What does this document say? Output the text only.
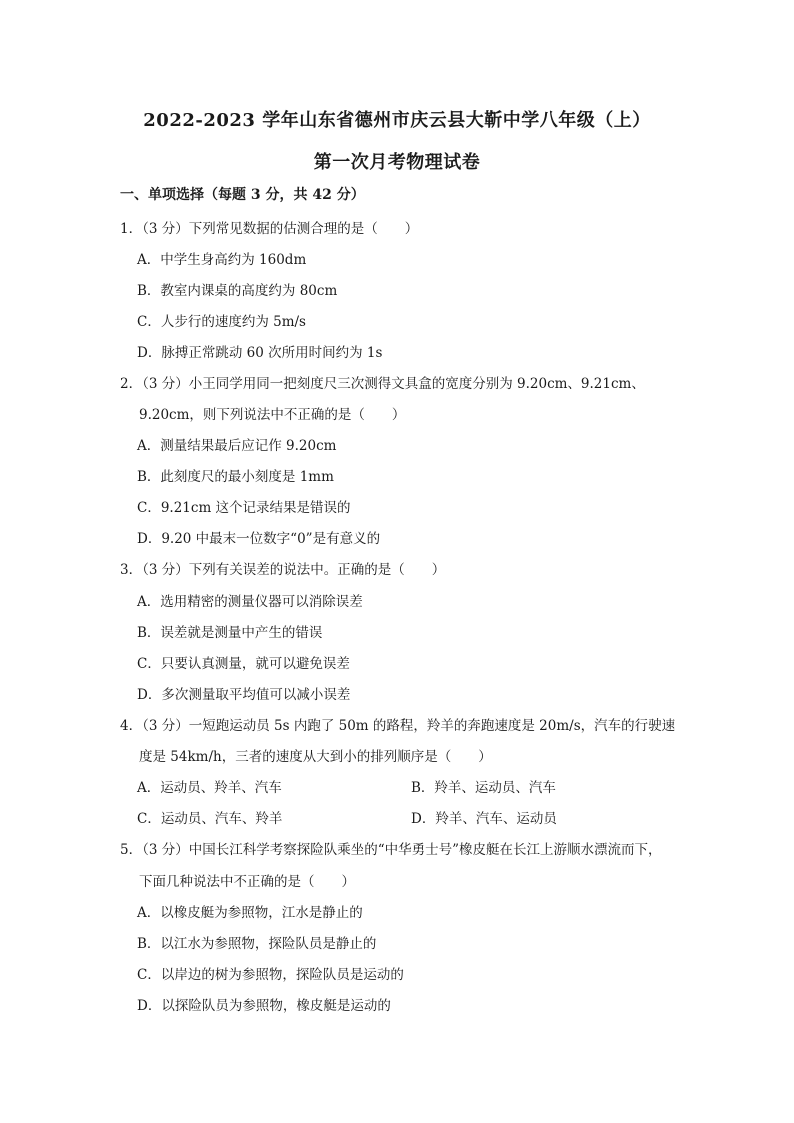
2022-2023 学年山东省德州市庆云县大靳中学八年级（上）
第一次月考物理试卷
一、单项选择（每题 3 分，共 42 分）
1．（3 分）下列常见数据的估测合理的是（　　）
A．中学生身高约为 160dm
B．教室内课桌的高度约为 80cm
C．人步行的速度约为 5m/s
D．脉搏正常跳动 60 次所用时间约为 1s
2．（3 分）小王同学用同一把刻度尺三次测得文具盒的宽度分别为 9.20cm、9.21cm、
9.20cm，则下列说法中不正确的是（　　）
A．测量结果最后应记作 9.20cm
B．此刻度尺的最小刻度是 1mm
C．9.21cm 这个记录结果是错误的
D．9.20 中最末一位数字“0”是有意义的
3．（3 分）下列有关误差的说法中。正确的是（　　）
A．选用精密的测量仪器可以消除误差
B．误差就是测量中产生的错误
C．只要认真测量，就可以避免误差
D．多次测量取平均值可以减小误差
4．（3 分）一短跑运动员 5s 内跑了 50m 的路程，羚羊的奔跑速度是 20m/s，汽车的行驶速
度是 54km/h，三者的速度从大到小的排列顺序是（　　）
A．运动员、羚羊、汽车	B．羚羊、运动员、汽车
C．运动员、汽车、羚羊	D．羚羊、汽车、运动员
5．（3 分）中国长江科学考察探险队乘坐的“中华勇士号”橡皮艇在长江上游顺水漂流而下，
下面几种说法中不正确的是（　　）
A．以橡皮艇为参照物，江水是静止的
B．以江水为参照物，探险队员是静止的
C．以岸边的树为参照物，探险队员是运动的
D．以探险队员为参照物，橡皮艇是运动的
